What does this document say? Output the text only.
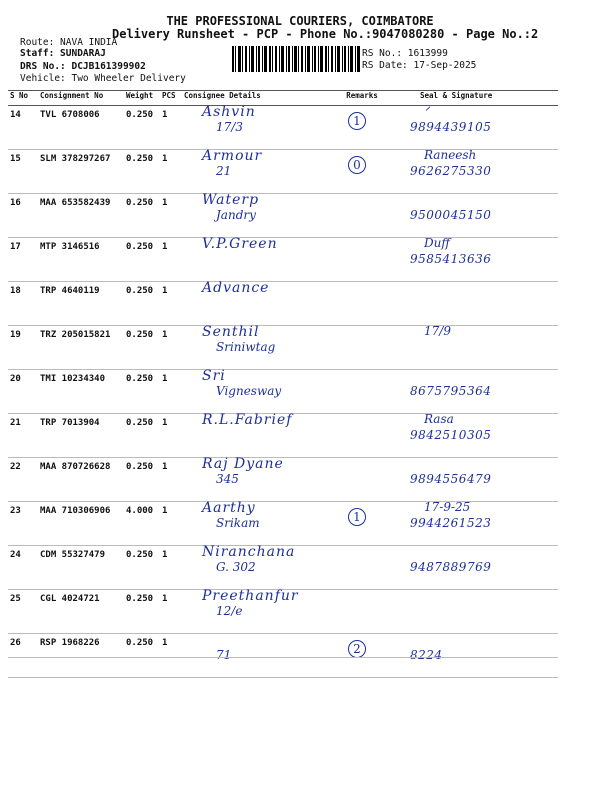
THE PROFESSIONAL COURIERS, COIMBATORE
Delivery Runsheet - PCP - Phone No.:9047080280 - Page No.:2
Route: NAVA INDIA
Staff: SUNDARAJ
DRS No.: DCJB161399902
Vehicle: Two Wheeler Delivery
RS No.: 1613999
RS Date: 17-Sep-2025
S No	Consignment No	Weight	PCS	Consignee Details	Remarks	Seal & Signature
14	TVL 6708006	0.250	1	Ashvin
17/3	1	ᐟ
9894439105

15	SLM 378297267	0.250	1	Armour
21	0	Raneesh
9626275330

16	MAA 653582439	0.250	1	Waterp
Jandry		9500045150

17	MTP 3146516	0.250	1	V.P.Green		Duff
9585413636

18	TRP 4640119	0.250	1	Advance		

19	TRZ 205015821	0.250	1	Senthil
Sriniwtag		17/9

20	TMI 10234340	0.250	1	Sri
Vignesway		8675795364

21	TRP 7013904	0.250	1	R.L.Fabrief		Rasa
9842510305

22	MAA 870726628	0.250	1	Raj Dyane
345		9894556479

23	MAA 710306906	4.000	1	Aarthy
Srikam	1	17-9-25
9944261523

24	CDM 55327479	0.250	1	Niranchana
G. 302		9487889769

25	CGL 4024721	0.250	1	Preethanfur
12/e		

26	RSP 1968226	0.250	1	71	2	8224
